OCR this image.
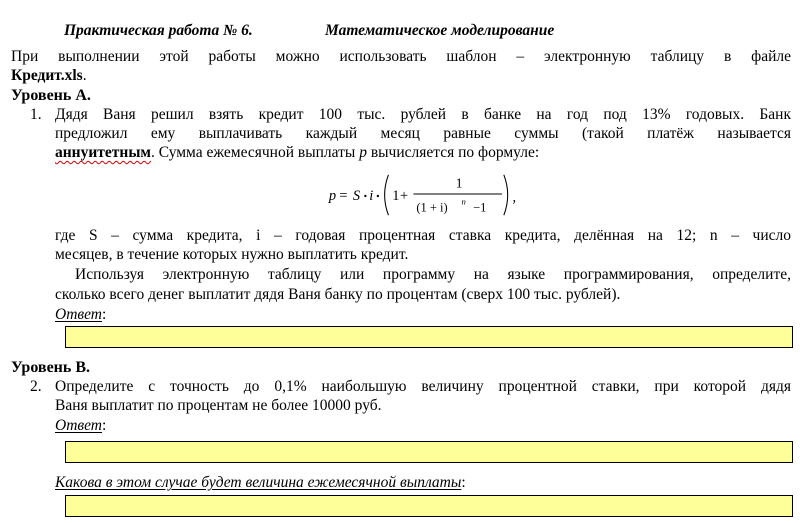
Практическая работа № 6.	Математическое моделирование
При выполнении этой работы можно использовать шаблон – электронную таблицу в файле
Кредит.xls.
Уровень А.
1. Дядя Ваня решил взять кредит 100 тыс. рублей в банке на год под 13% годовых. Банк
предложил ему выплачивать каждый месяц равные суммы (такой платёж называется
аннуитетным. Сумма ежемесячной выплаты p вычисляется по формуле:
p = S i 1 +
1
(1 + i) n −1
,
где S – сумма кредита, i – годовая процентная ставка кредита, делённая на 12; n – число
месяцев, в течение которых нужно выплатить кредит.
Используя электронную таблицу или программу на языке программирования, определите,
сколько всего денег выплатит дядя Ваня банку по процентам (сверх 100 тыс. рублей).
Ответ:
Уровень В.
2. Определите с точность до 0,1% наибольшую величину процентной ставки, при которой дядя
Ваня выплатит по процентам не более 10000 руб.
Ответ:
Какова в этом случае будет величина ежемесячной выплаты:
